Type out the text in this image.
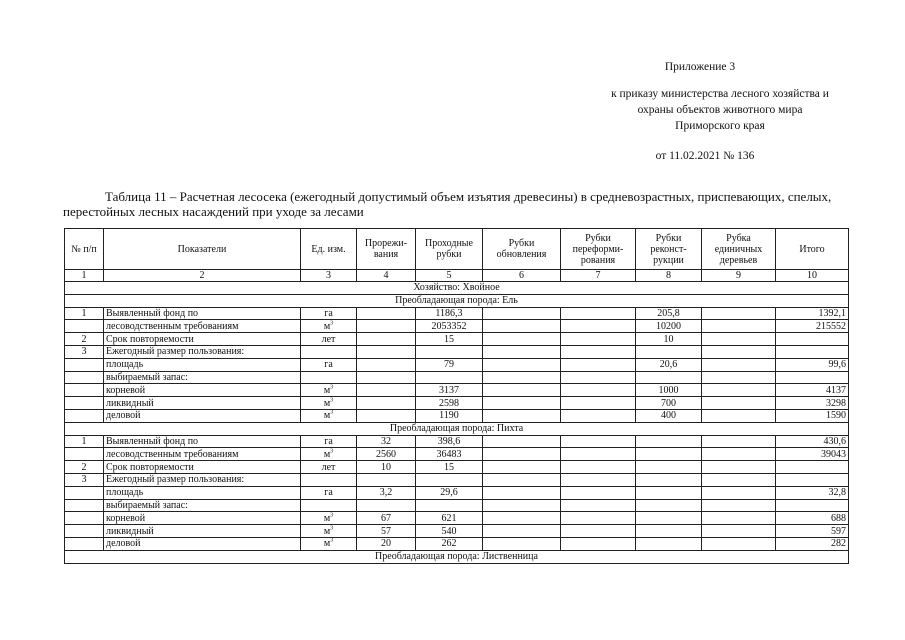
Приложение 3
к приказу министерства лесного хозяйства и
охраны объектов животного мира
Приморского края
от 11.02.2021 № 136
Таблица 11 – Расчетная лесосека (ежегодный допустимый объем изъятия древесины) в средневозрастных, приспевающих, спелых, перестойных лесных насаждений при уходе за лесами
№ п/п	Показатели	Ед. изм.	Прорежи-вания	Проходные рубки	Рубки обновления	Рубки переформи-рования	Рубки реконст-рукции	Рубка единичных деревьев	Итого
1	2	3	4	5	6	7	8	9	10
Хозяйство: Хвойное									
Преобладающая порода: Ель									
1	Выявленный фонд по	га		1186,3			205,8		1392,1
	лесоводственным требованиям	$м^3$		2053352			10200		215552
2	Срок повторяемости	лет		15			10		
3	Ежегодный размер пользования:								
	площадь	га		79			20,6		99,6
	выбираемый запас:								
	корневой	$м^3$		3137			1000		4137
	ликвидный	$м^3$		2598			700		3298
	деловой	$м^3$		1190			400		1590
Преобладающая порода: Пихта									
1	Выявленный фонд по	га	32	398,6					430,6
	лесоводственным требованиям	$м^3$	2560	36483					39043
2	Срок повторяемости	лет	10	15					
3	Ежегодный размер пользования:								
	площадь	га	3,2	29,6					32,8
	выбираемый запас:								
	корневой	$м^3$	67	621					688
	ликвидный	$м^3$	57	540					597
	деловой	$м^3$	20	262					282
Преобладающая порода: Лиственница									
